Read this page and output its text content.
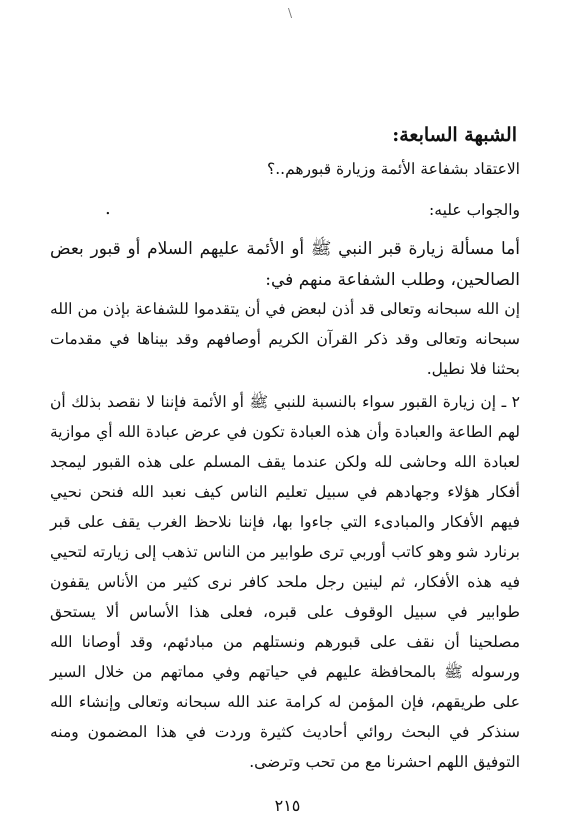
\
الشبهة السابعة:

الاعتقاد بشفاعة الأئمة وزيارة قبورهم..؟

والجواب عليه:

.

أما مسألة زيارة قبر النبي ﷺ أو الأئمة عليهم السلام أو قبور بعض الصالحين، وطلب الشفاعة منهم في:

إن الله سبحانه وتعالى قد أذن لبعض في أن يتقدموا للشفاعة بإذن من الله سبحانه وتعالى وقد ذكر القرآن الكريم أوصافهم وقد بيناها في مقدمات بحثنا فلا نطيل.

٢ ـ إن زيارة القبور سواء بالنسبة للنبي ﷺ أو الأئمة فإننا لا نقصد بذلك أن لهم الطاعة والعبادة وأن هذه العبادة تكون في عرض عبادة الله أي موازية لعبادة الله وحاشى لله ولكن عندما يقف المسلم على هذه القبور ليمجد أفكار هؤلاء وجهادهم في سبيل تعليم الناس كيف نعبد الله فنحن نحيي فيهم الأفكار والمبادىء التي جاءوا بها، فإننا نلاحظ الغرب يقف على قبر برنارد شو وهو كاتب أوربي ترى طوابير من الناس تذهب إلى زيارته لتحيي فيه هذه الأفكار، ثم لينين رجل ملحد كافر نرى كثير من الأناس يقفون طوابير في سبيل الوقوف على قبره، فعلى هذا الأساس ألا يستحق مصلحينا أن نقف على قبورهم ونستلهم من مبادئهم، وقد أوصانا الله ورسوله ﷺ بالمحافظة عليهم في حياتهم وفي مماتهم من خلال السير على طريقهم، فإن المؤمن له كرامة عند الله سبحانه وتعالى وإنشاء الله سنذكر في البحث روائي أحاديث كثيرة وردت في هذا المضمون ومنه التوفيق اللهم احشرنا مع من تحب وترضى.

٢١٥
